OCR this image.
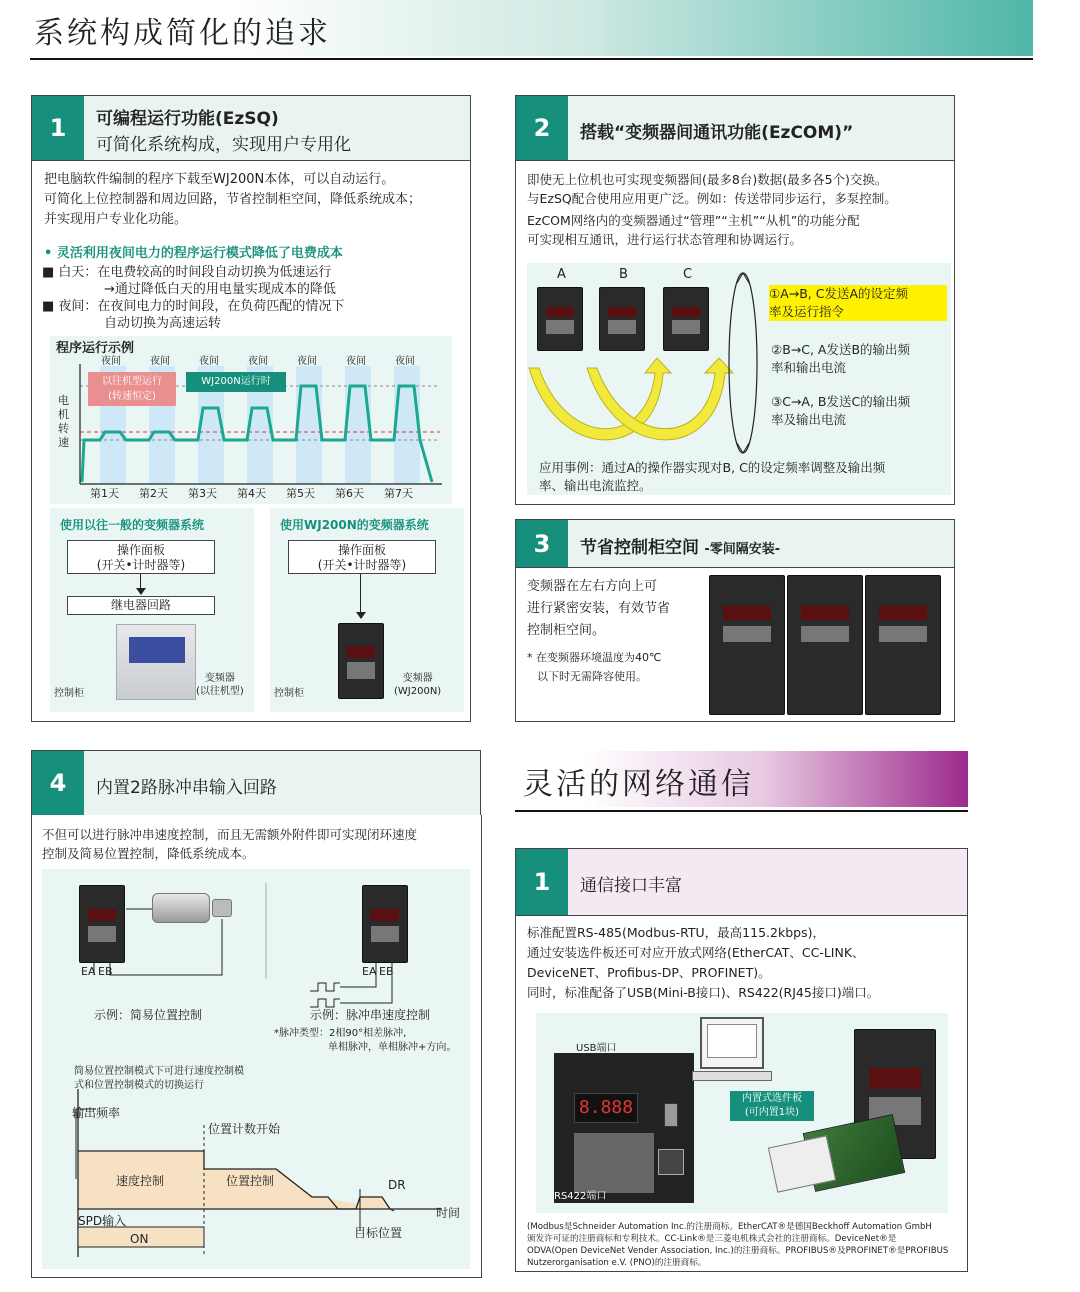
系统构成简化的追求
1	可编程运行功能(EzSQ)
可简化系统构成，实现用户专用化
把电脑软件编制的程序下载至WJ200N本体，可以自动运行。
可简化上位控制器和周边回路，节省控制柜空间，降低系统成本；
并实现用户专业化功能。
• 灵活利用夜间电力的程序运行模式降低了电费成本
■ 白天：在电费较高的时间段自动切换为低速运行
→通过降低白天的用电量实现成本的降低
■ 夜间：在夜间电力的时间段，在负荷匹配的情况下
自动切换为高速运转
程序运行示例
电
机
转
速
夜间	夜间	夜间	夜间	夜间	夜间	夜间
以往机型运行
(转速恒定)
WJ200N运行时
第1天 第2天 第3天 第4天 第5天 第6天 第7天
使用以往一般的变频器系统
操作面板
(开关•计时器等)
继电器回路
变频器
(以往机型)
控制柜
使用WJ200N的变频器系统
操作面板
(开关•计时器等)
变频器
(WJ200N)
控制柜
2	搭载“变频器间通讯功能(EzCOM)”
即使无上位机也可实现变频器间(最多8台)数据(最多各5个)交换。
与EzSQ配合使用应用更广泛。例如：传送带同步运行，多泵控制。
EzCOM网络内的变频器通过“管理”“主机”“从机”的功能分配
可实现相互通讯，进行运行状态管理和协调运行。
A	B	C
①A→B, C发送A的设定频
率及运行指令
②B→C, A发送B的输出频
率和输出电流
③C→A, B发送C的输出频
率及输出电流
应用事例：通过A的操作器实现对B, C的设定频率调整及输出频
率、输出电流监控。
3	节省控制柜空间 -零间隔安装-
变频器在左右方向上可
进行紧密安装，有效节省
控制柜空间。
* 在变频器环境温度为40℃
以下时无需降容使用。
4	内置2路脉冲串输入回路
不但可以进行脉冲串速度控制，而且无需额外附件即可实现闭环速度
控制及简易位置控制，降低系统成本。
EA EB
示例：简易位置控制
EA EB
示例：脉冲串速度控制
*脉冲类型：2相90°相差脉冲,
单相脉冲，单相脉冲+方向。
简易位置控制模式下可进行速度控制模
式和位置控制模式的切换运行
输出频率
位置计数开始
速度控制	位置控制	DR
SPD输入
ON	目标位置
时间
灵活的网络通信
1	通信接口丰富
标准配置RS-485(Modbus-RTU，最高115.2kbps)，
通过安装选件板还可对应开放式网络(EtherCAT、CC-LINK、
DeviceNET、Profibus-DP、PROFINET)。
同时，标准配备了USB(Mini-B接口)、RS422(RJ45接口)端口。
8.888
USB端口
RS422端口
内置式选件板
(可内置1块)
(Modbus是Schneider Automation Inc.的注册商标。EtherCAT®是德国Beckhoff Automation GmbH
颁发许可证的注册商标和专利技术。CC-Link®是三菱电机株式会社的注册商标。DeviceNet®是
ODVA(Open DeviceNet Vender Association, Inc.)的注册商标。PROFIBUS®及PROFINET®是PROFIBUS
Nutzerorganisation e.V. (PNO)的注册商标。
